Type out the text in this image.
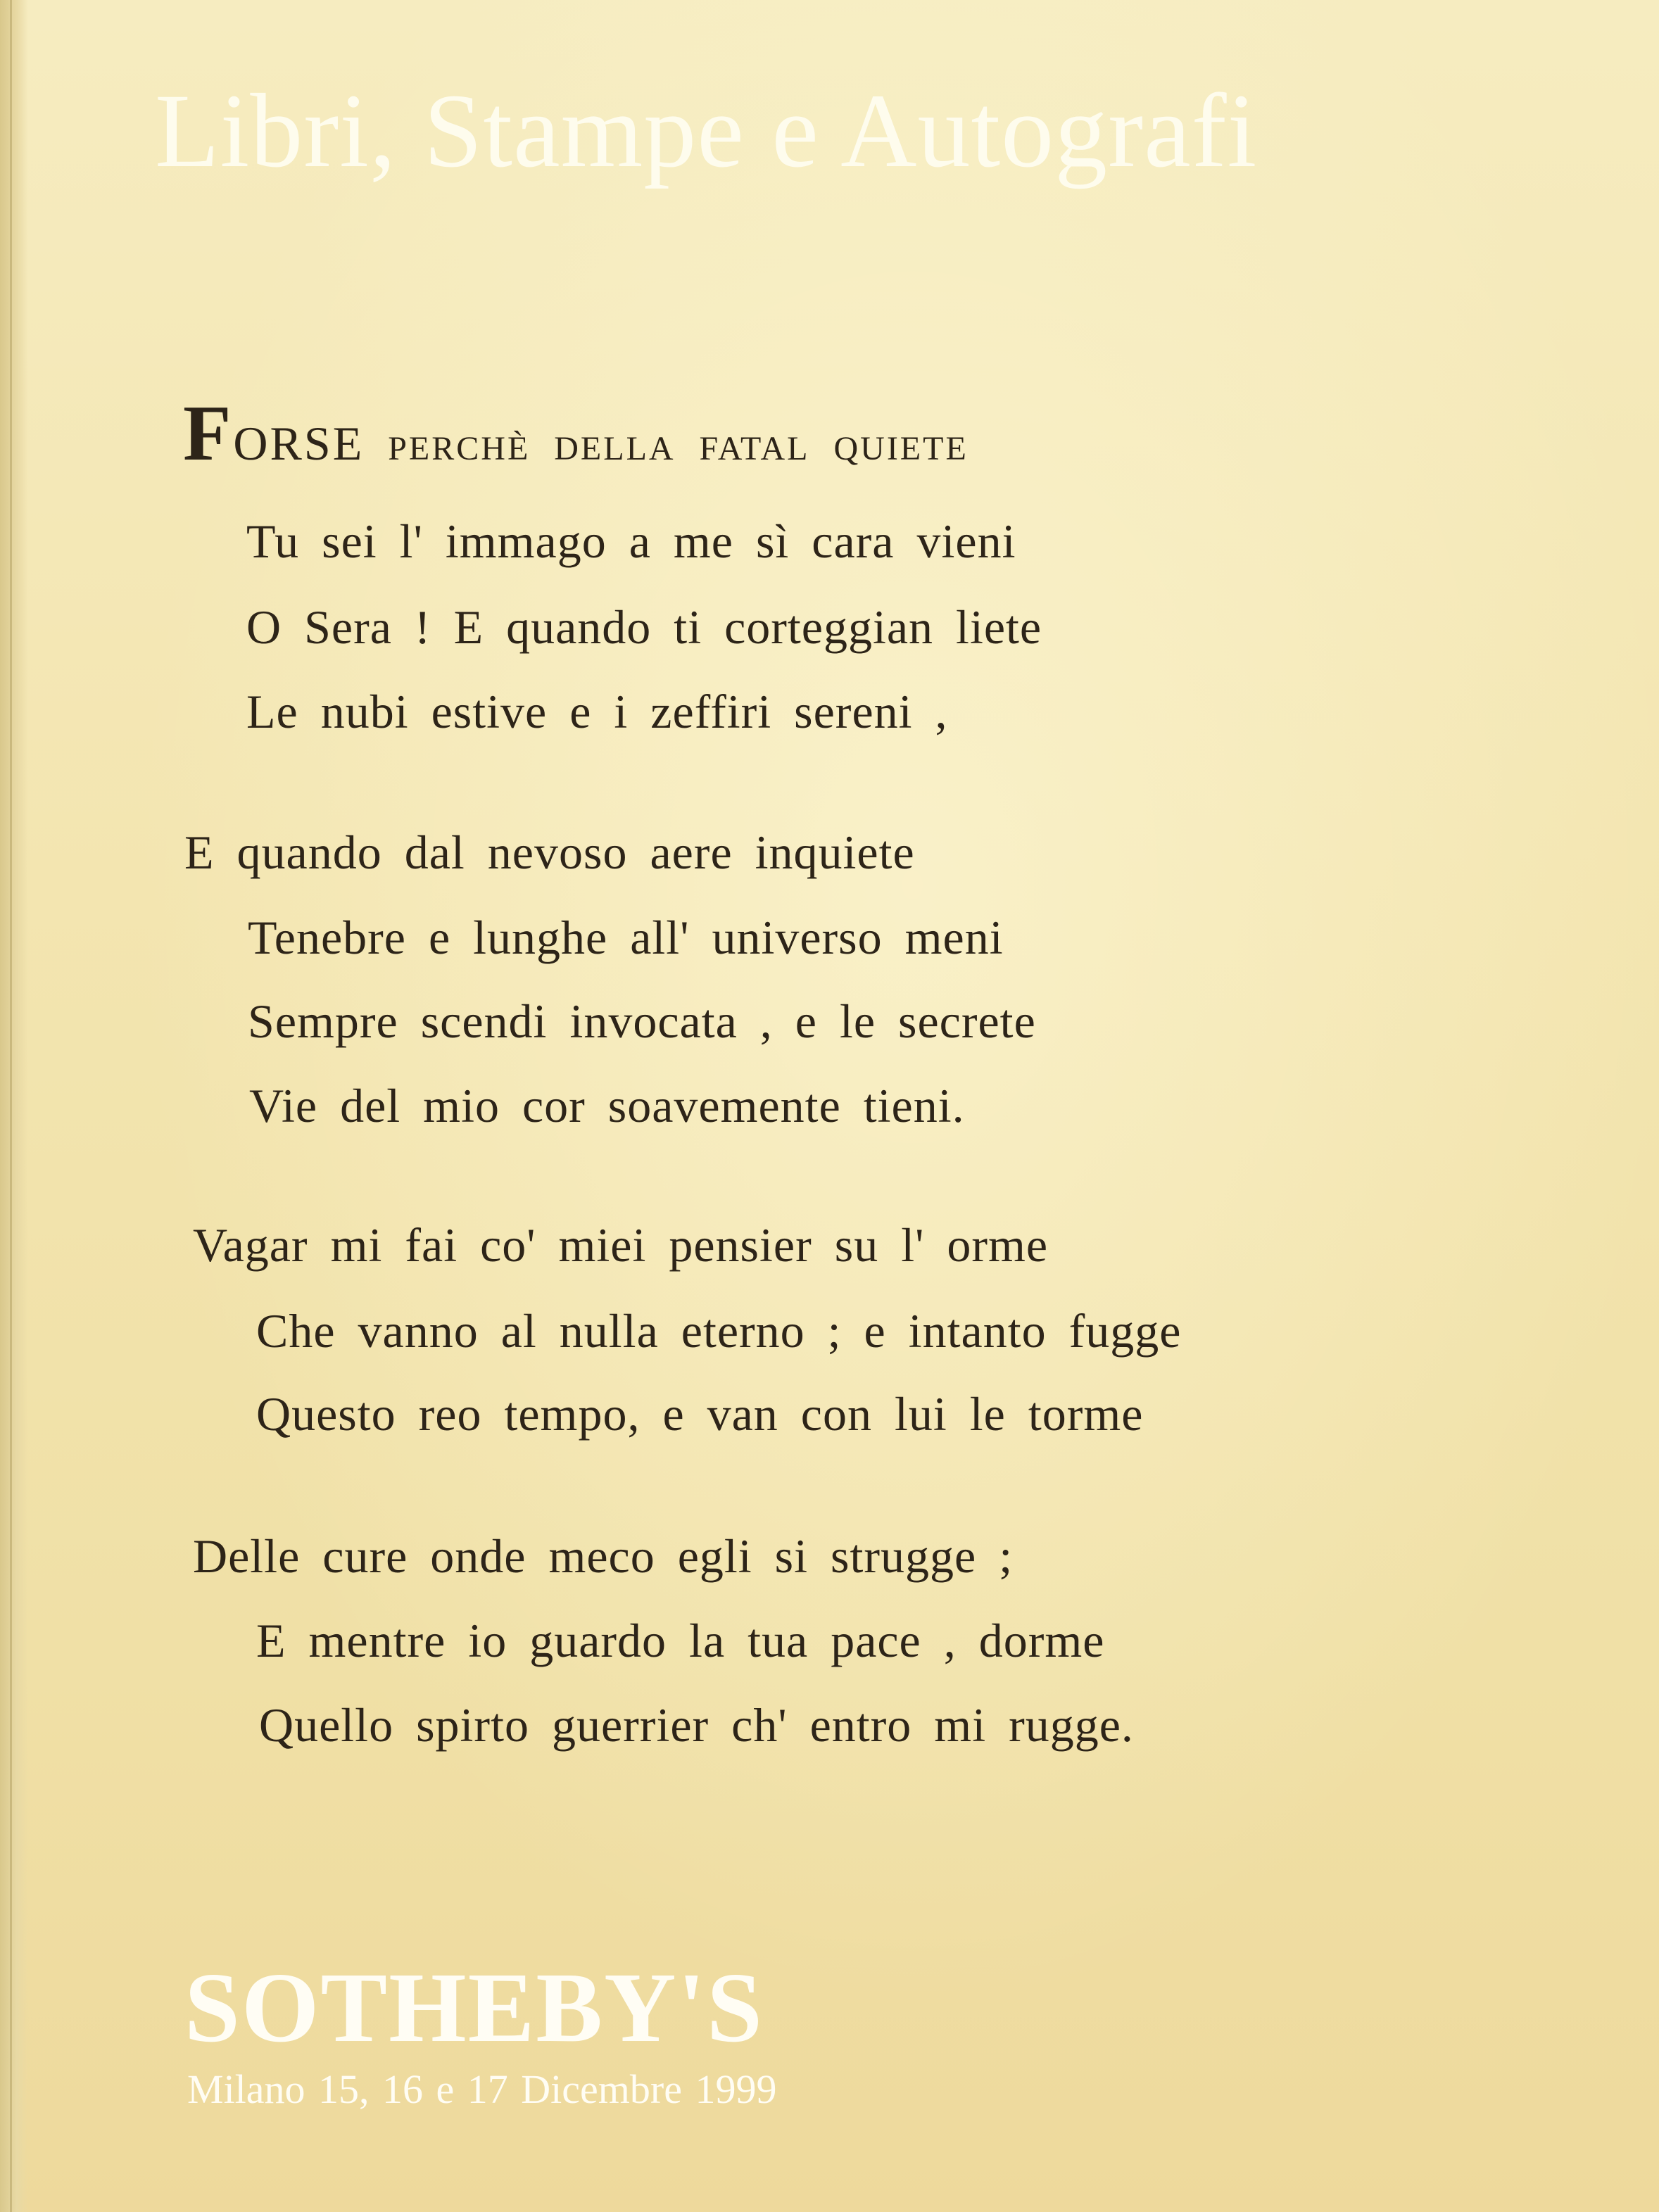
Libri, Stampe e Autografi
FORSE perchè della fatal quiete
Tu sei l' immago a me sì cara vieni
O Sera ! E quando ti corteggian liete
Le nubi estive e i zeffiri sereni ,
E quando dal nevoso aere inquiete
Tenebre e lunghe all' universo meni
Sempre scendi invocata , e le secrete
Vie del mio cor soavemente tieni.
Vagar mi fai co' miei pensier su l' orme
Che vanno al nulla eterno ; e intanto fugge
Questo reo tempo, e van con lui le torme
Delle cure onde meco egli si strugge ;
E mentre io guardo la tua pace , dorme
Quello spirto guerrier ch' entro mi rugge.
SOTHEBY'S

Milano 15, 16 e 17 Dicembre 1999
